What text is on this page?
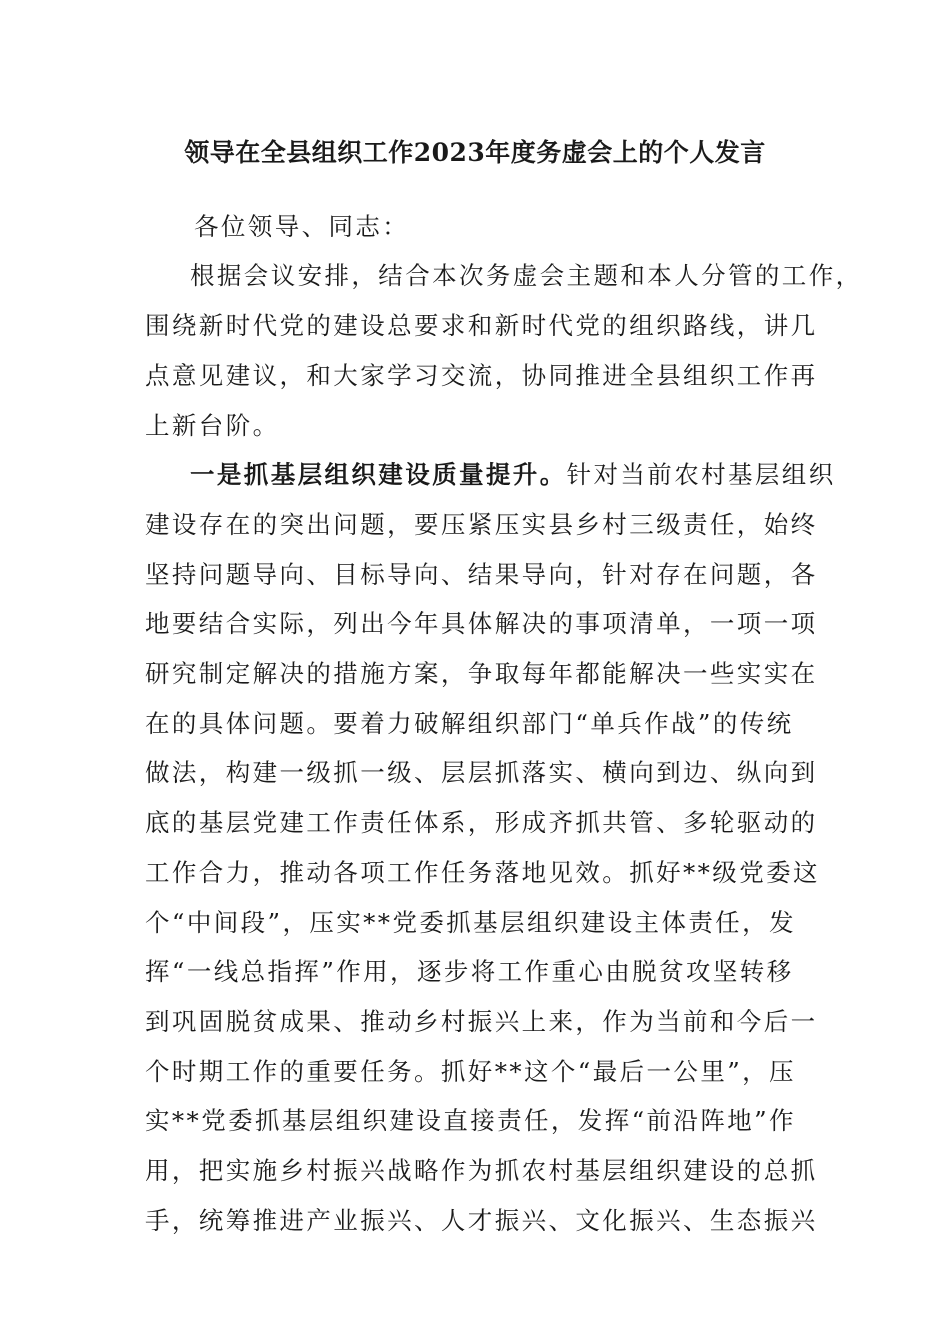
领导在全县组织工作2023年度务虚会上的个人发言

各位领导、同志：

根据会议安排，结合本次务虚会主题和本人分管的工作，
围绕新时代党的建设总要求和新时代党的组织路线，讲几
点意见建议，和大家学习交流，协同推进全县组织工作再
上新台阶。

一是抓基层组织建设质量提升。针对当前农村基层组织
建设存在的突出问题，要压紧压实县乡村三级责任，始终
坚持问题导向、目标导向、结果导向，针对存在问题，各
地要结合实际，列出今年具体解决的事项清单，一项一项
研究制定解决的措施方案，争取每年都能解决一些实实在
在的具体问题。要着力破解组织部门“单兵作战”的传统
做法，构建一级抓一级、层层抓落实、横向到边、纵向到
底的基层党建工作责任体系，形成齐抓共管、多轮驱动的
工作合力，推动各项工作任务落地见效。抓好**级党委这
个“中间段”，压实**党委抓基层组织建设主体责任，发
挥“一线总指挥”作用，逐步将工作重心由脱贫攻坚转移
到巩固脱贫成果、推动乡村振兴上来，作为当前和今后一
个时期工作的重要任务。抓好**这个“最后一公里”，压
实**党委抓基层组织建设直接责任，发挥“前沿阵地”作
用，把实施乡村振兴战略作为抓农村基层组织建设的总抓
手，统筹推进产业振兴、人才振兴、文化振兴、生态振兴
